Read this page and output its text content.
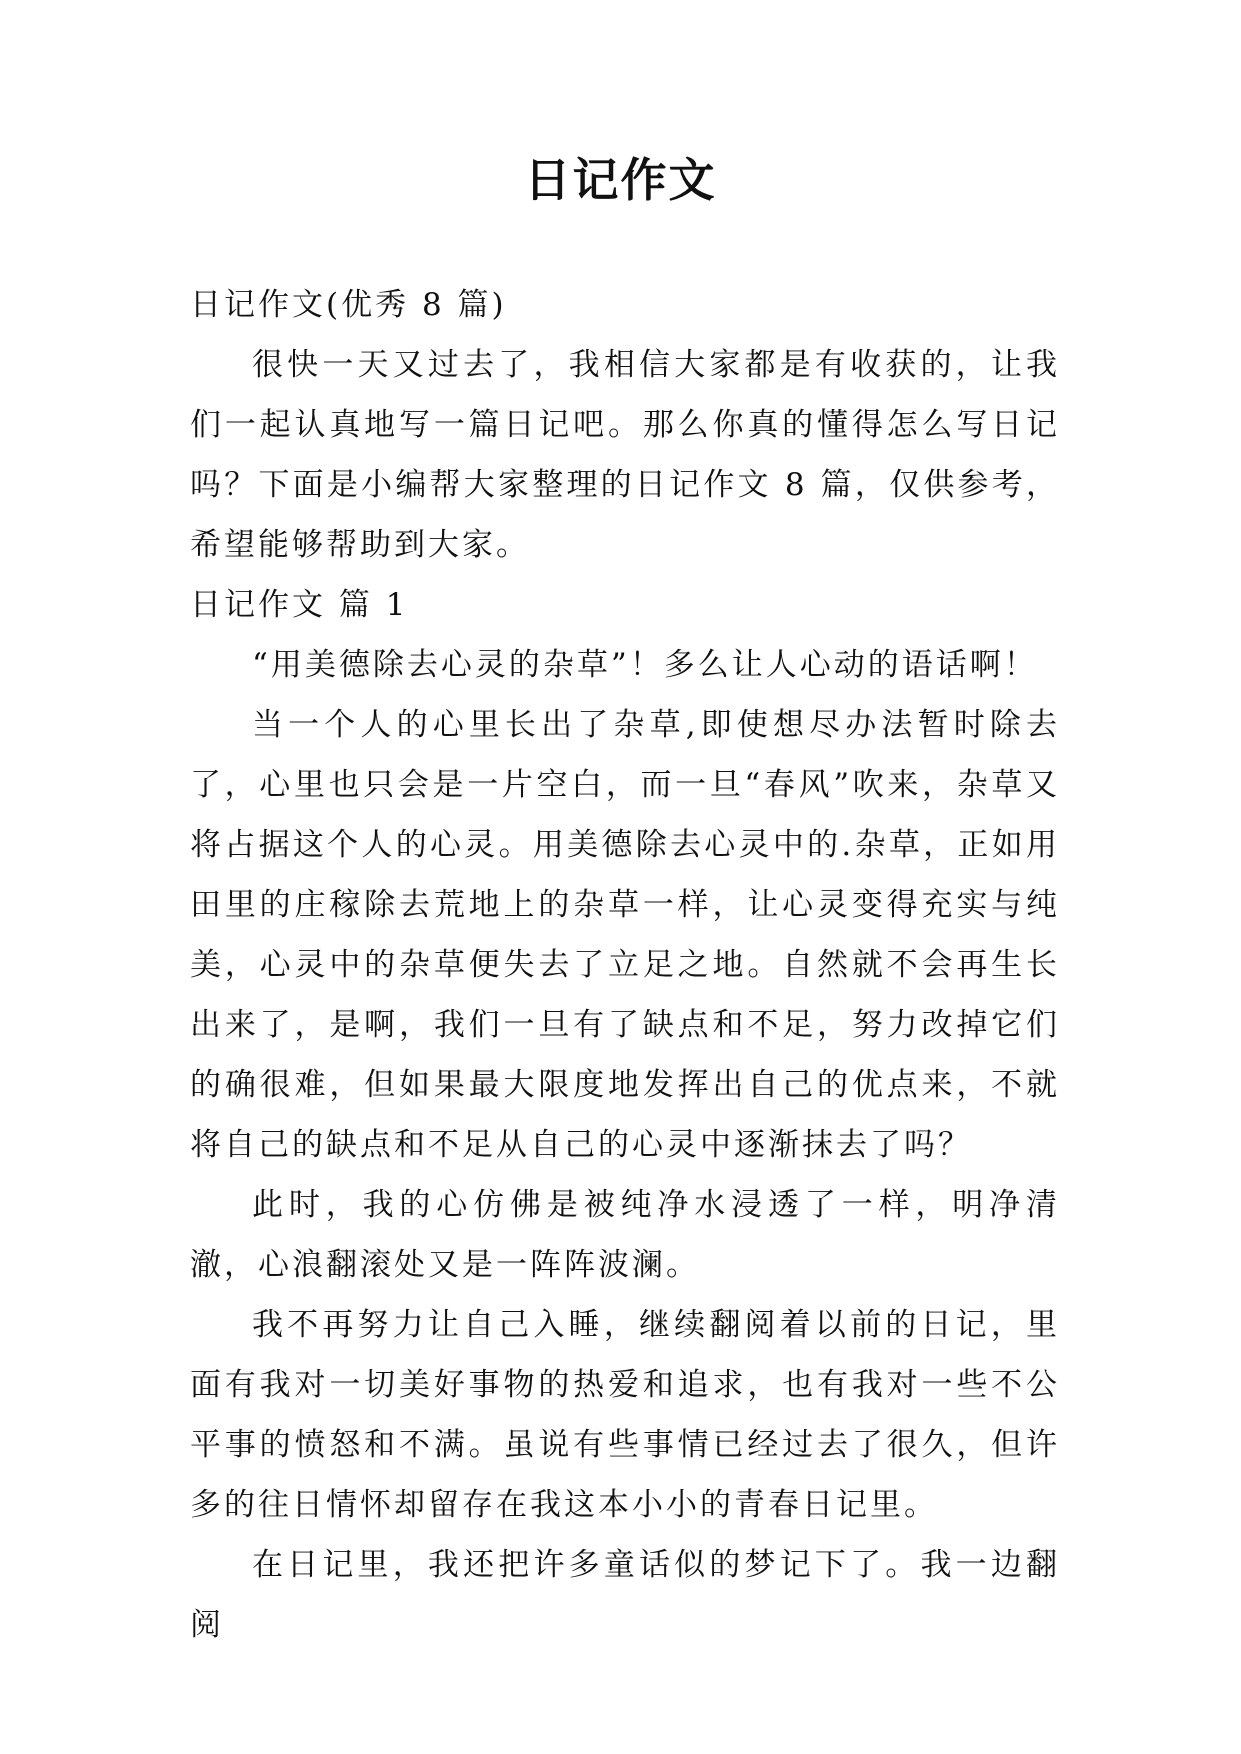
日记作文

日记作文(优秀 8 篇)

很快一天又过去了，我相信大家都是有收获的，让我们一起认真地写一篇日记吧。那么你真的懂得怎么写日记吗？下面是小编帮大家整理的日记作文 8 篇，仅供参考，希望能够帮助到大家。

日记作文 篇 1

“用美德除去心灵的杂草”！多么让人心动的语话啊！

当一个人的心里长出了杂草,即使想尽办法暂时除去了，心里也只会是一片空白，而一旦“春风”吹来，杂草又将占据这个人的心灵。用美德除去心灵中的.杂草，正如用田里的庄稼除去荒地上的杂草一样，让心灵变得充实与纯美，心灵中的杂草便失去了立足之地。自然就不会再生长出来了，是啊，我们一旦有了缺点和不足，努力改掉它们的确很难，但如果最大限度地发挥出自己的优点来，不就将自己的缺点和不足从自己的心灵中逐渐抹去了吗？

此时，我的心仿佛是被纯净水浸透了一样，明净清澈，心浪翻滚处又是一阵阵波澜。

我不再努力让自己入睡，继续翻阅着以前的日记，里面有我对一切美好事物的热爱和追求，也有我对一些不公平事的愤怒和不满。虽说有些事情已经过去了很久，但许多的往日情怀却留存在我这本小小的青春日记里。

在日记里，我还把许多童话似的梦记下了。我一边翻阅
